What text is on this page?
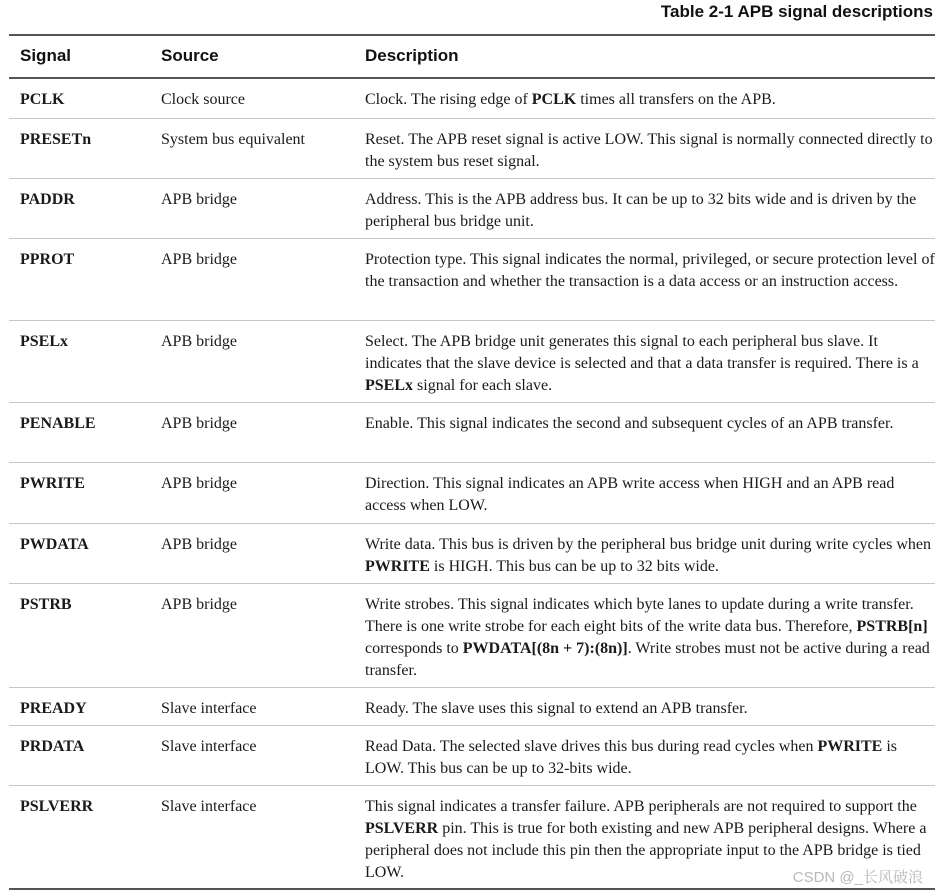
Table 2-1 APB signal descriptions
Signal	Source	Description
PCLK	Clock source	Clock. The rising edge of PCLK times all transfers on the APB.
PRESETn	System bus equivalent	Reset. The APB reset signal is active LOW. This signal is normally connected directly to the system bus reset signal.
PADDR	APB bridge	Address. This is the APB address bus. It can be up to 32 bits wide and is driven by the peripheral bus bridge unit.
PPROT	APB bridge	Protection type. This signal indicates the normal, privileged, or secure protection level of the transaction and whether the transaction is a data access or an instruction access.
PSELx	APB bridge	Select. The APB bridge unit generates this signal to each peripheral bus slave. It indicates that the slave device is selected and that a data transfer is required. There is a PSELx signal for each slave.
PENABLE	APB bridge	Enable. This signal indicates the second and subsequent cycles of an APB transfer.
PWRITE	APB bridge	Direction. This signal indicates an APB write access when HIGH and an APB read access when LOW.
PWDATA	APB bridge	Write data. This bus is driven by the peripheral bus bridge unit during write cycles when PWRITE is HIGH. This bus can be up to 32 bits wide.
PSTRB	APB bridge	Write strobes. This signal indicates which byte lanes to update during a write transfer. There is one write strobe for each eight bits of the write data bus. Therefore, PSTRB[n] corresponds to PWDATA[(8n + 7):(8n)]. Write strobes must not be active during a read transfer.
PREADY	Slave interface	Ready. The slave uses this signal to extend an APB transfer.
PRDATA	Slave interface	Read Data. The selected slave drives this bus during read cycles when PWRITE is LOW. This bus can be up to 32-bits wide.
PSLVERR	Slave interface	This signal indicates a transfer failure. APB peripherals are not required to support the PSLVERR pin. This is true for both existing and new APB peripheral designs. Where a peripheral does not include this pin then the appropriate input to the APB bridge is tied LOW.	CSDN @_长风破浪
